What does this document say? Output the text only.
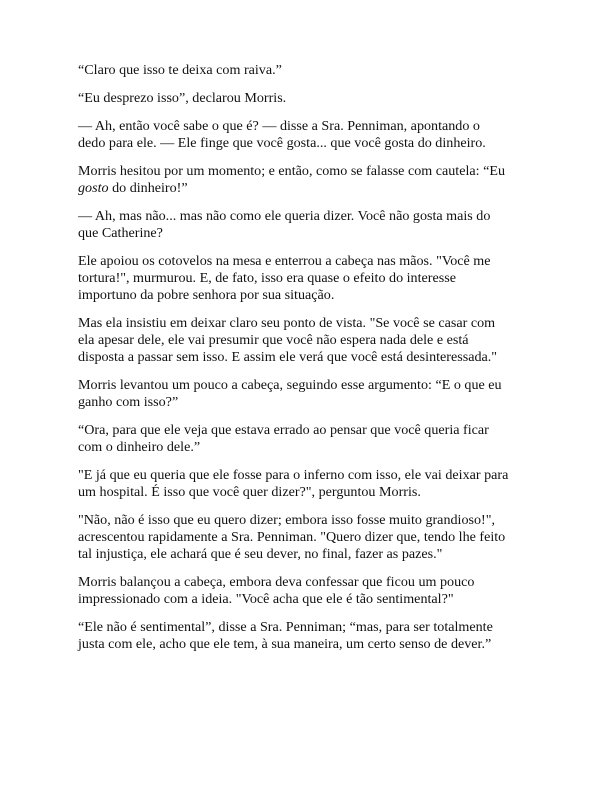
“Claro que isso te deixa com raiva.”

“Eu desprezo isso”, declarou Morris.

— Ah, então você sabe o que é? — disse a Sra. Penniman, apontando o
dedo para ele. — Ele finge que você gosta... que você gosta do dinheiro.

Morris hesitou por um momento; e então, como se falasse com cautela: “Eu
gosto do dinheiro!”

— Ah, mas não... mas não como ele queria dizer. Você não gosta mais do
que Catherine?

Ele apoiou os cotovelos na mesa e enterrou a cabeça nas mãos. "Você me
tortura!", murmurou. E, de fato, isso era quase o efeito do interesse
importuno da pobre senhora por sua situação.

Mas ela insistiu em deixar claro seu ponto de vista. "Se você se casar com
ela apesar dele, ele vai presumir que você não espera nada dele e está
disposta a passar sem isso. E assim ele verá que você está desinteressada."

Morris levantou um pouco a cabeça, seguindo esse argumento: “E o que eu
ganho com isso?”

“Ora, para que ele veja que estava errado ao pensar que você queria ficar
com o dinheiro dele.”

"E já que eu queria que ele fosse para o inferno com isso, ele vai deixar para
um hospital. É isso que você quer dizer?", perguntou Morris.

"Não, não é isso que eu quero dizer; embora isso fosse muito grandioso!",
acrescentou rapidamente a Sra. Penniman. "Quero dizer que, tendo lhe feito
tal injustiça, ele achará que é seu dever, no final, fazer as pazes."

Morris balançou a cabeça, embora deva confessar que ficou um pouco
impressionado com a ideia. "Você acha que ele é tão sentimental?"

“Ele não é sentimental”, disse a Sra. Penniman; “mas, para ser totalmente
justa com ele, acho que ele tem, à sua maneira, um certo senso de dever.”
